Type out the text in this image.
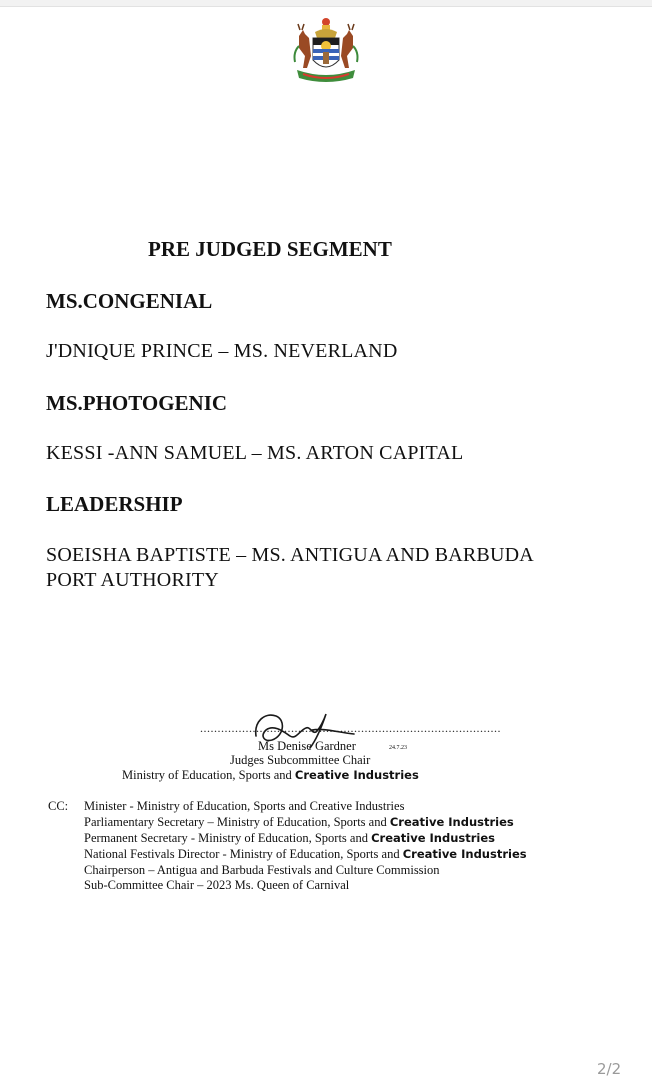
PRE JUDGED SEGMENT
MS.CONGENIAL
J'DNIQUE PRINCE – MS. NEVERLAND
MS.PHOTOGENIC
KESSI -ANN SAMUEL – MS. ARTON CAPITAL
LEADERSHIP
SOEISHA BAPTISTE – MS. ANTIGUA AND BARBUDA
PORT AUTHORITY
......................................................................................
Ms Denise Gardner	24.7.23
Judges Subcommittee Chair
Ministry of Education, Sports and Creative Industries
CC: Minister - Ministry of Education, Sports and Creative Industries
Parliamentary Secretary – Ministry of Education, Sports and Creative Industries
Permanent Secretary - Ministry of Education, Sports and Creative Industries
National Festivals Director - Ministry of Education, Sports and Creative Industries
Chairperson – Antigua and Barbuda Festivals and Culture Commission
Sub-Committee Chair – 2023 Ms. Queen of Carnival
2/2
